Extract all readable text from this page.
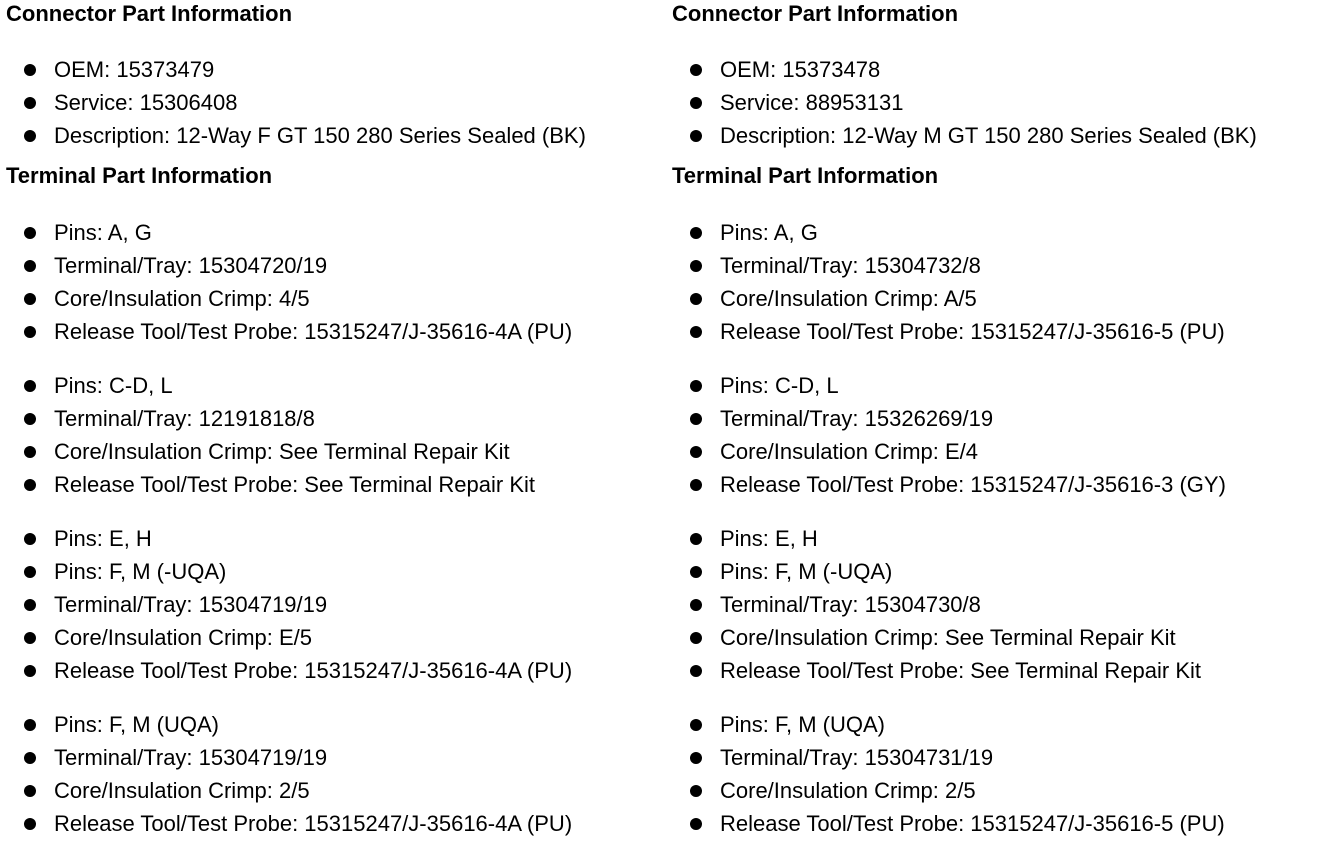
Connector Part Information
OEM: 15373479
Service: 15306408
Description: 12-Way F GT 150 280 Series Sealed (BK)
Terminal Part Information
Pins: A, G
Terminal/Tray: 15304720/19
Core/Insulation Crimp: 4/5
Release Tool/Test Probe: 15315247/J-35616-4A (PU)
Pins: C-D, L
Terminal/Tray: 12191818/8
Core/Insulation Crimp: See Terminal Repair Kit
Release Tool/Test Probe: See Terminal Repair Kit
Pins: E, H
Pins: F, M (-UQA)
Terminal/Tray: 15304719/19
Core/Insulation Crimp: E/5
Release Tool/Test Probe: 15315247/J-35616-4A (PU)
Pins: F, M (UQA)
Terminal/Tray: 15304719/19
Core/Insulation Crimp: 2/5
Release Tool/Test Probe: 15315247/J-35616-4A (PU)
Connector Part Information
OEM: 15373478
Service: 88953131
Description: 12-Way M GT 150 280 Series Sealed (BK)
Terminal Part Information
Pins: A, G
Terminal/Tray: 15304732/8
Core/Insulation Crimp: A/5
Release Tool/Test Probe: 15315247/J-35616-5 (PU)
Pins: C-D, L
Terminal/Tray: 15326269/19
Core/Insulation Crimp: E/4
Release Tool/Test Probe: 15315247/J-35616-3 (GY)
Pins: E, H
Pins: F, M (-UQA)
Terminal/Tray: 15304730/8
Core/Insulation Crimp: See Terminal Repair Kit
Release Tool/Test Probe: See Terminal Repair Kit
Pins: F, M (UQA)
Terminal/Tray: 15304731/19
Core/Insulation Crimp: 2/5
Release Tool/Test Probe: 15315247/J-35616-5 (PU)
